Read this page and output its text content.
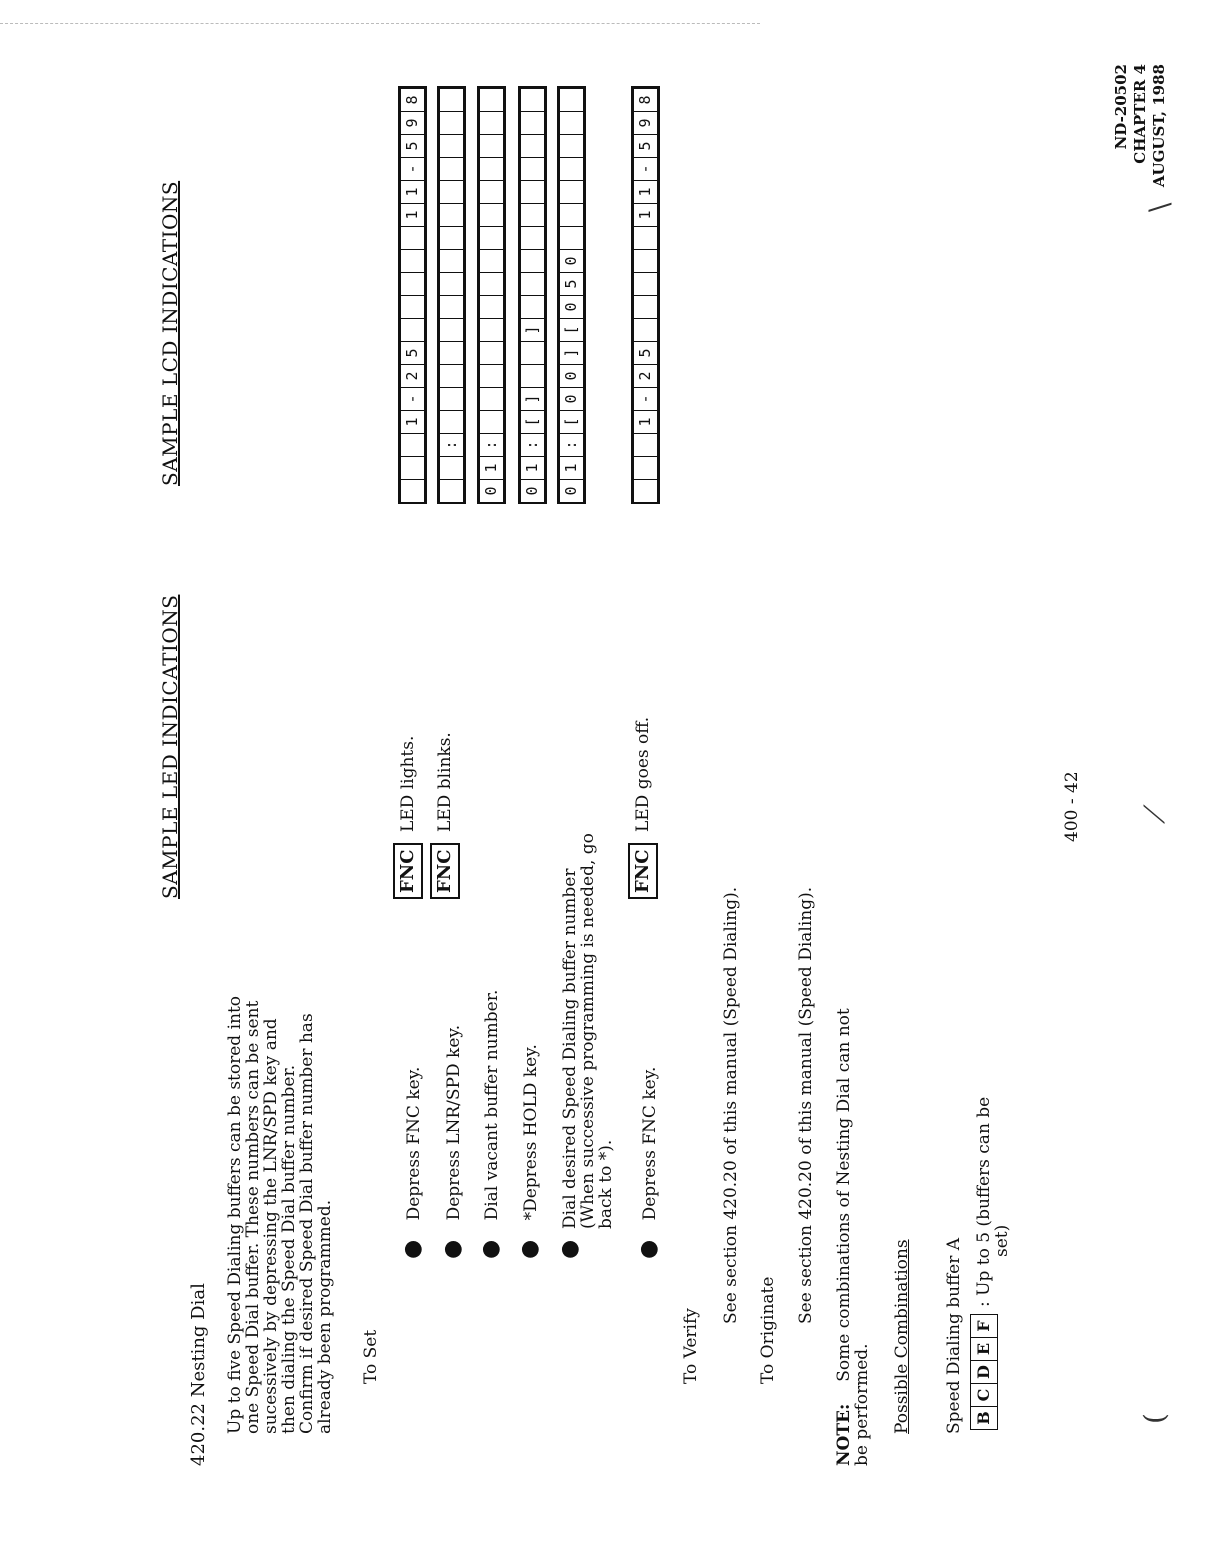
ND-20502 CHAPTER 4 AUGUST, 1988
SAMPLE LED INDICATIONS
SAMPLE LCD INDICATIONS
420.22 Nesting Dial Up to five Speed Dialing buffers can be stored into
one Speed Dial buffer. These numbers can be sent
sucessively by depressing the LNR/SPD key and
then dialing the Speed Dial buffer number.
Confirm if desired Speed Dial buffer number has
already been programmed. To Set
● Depress FNC key.
● Depress LNR/SPD key.
● Dial vacant buffer number.
● *Depress HOLD key.
●
Dial desired Speed Dialing buffer number
(When successive programming is needed, go
back to *).
● Depress FNC key.
To Verify
See section 420.20 of this manual (Speed Dialing).
To Originate
See section 420.20 of this manual (Speed Dialing).
NOTE:Some combinations of Nesting Dial can not
be performed. Possible Combinations Speed Dialing buffer A B
C
D
E
F
: Up to 5 (buffers can be
set)
FNC LED lights.
FNC LED blinks.
FNC LED goes off.
1
-
2
5
1
1
-
5
9
8
:
0
1
:
0
1
:
[
]
]
0
1
:
[
0
0
]
[
0
5
0
1
-
2
5
1
1
-
5
9
8
400 - 42 ⟋
(
\
